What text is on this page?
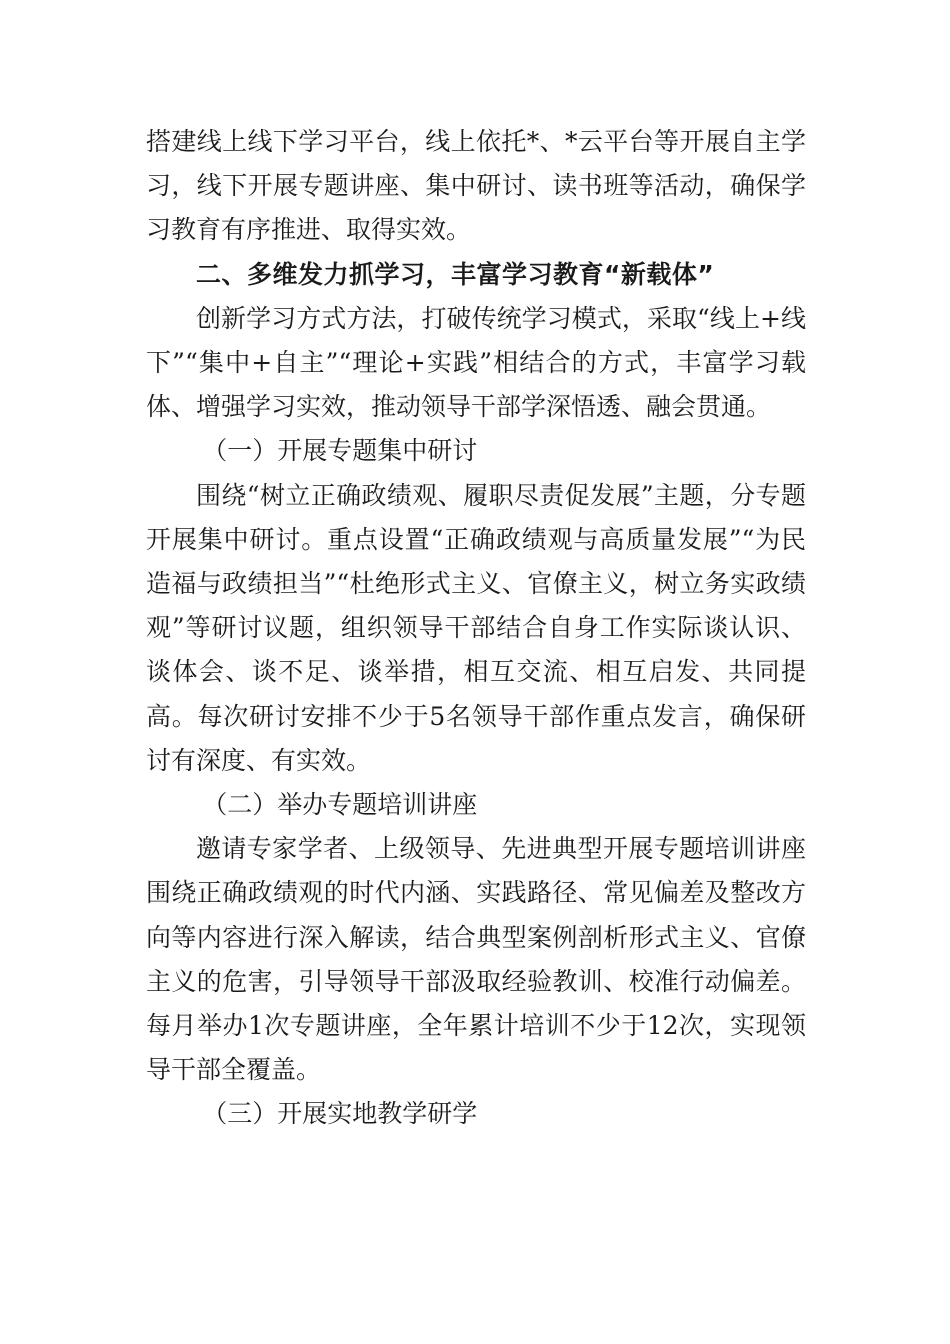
搭建线上线下学习平台，线上依托*、*云平台等开展自主学习，线下开展专题讲座、集中研讨、读书班等活动，确保学习教育有序推进、取得实效。

二、多维发力抓学习，丰富学习教育“新载体”

创新学习方式方法，打破传统学习模式，采取“线上+线下”“集中+自主”“理论+实践”相结合的方式，丰富学习载体、增强学习实效，推动领导干部学深悟透、融会贯通。

（一）开展专题集中研讨

围绕“树立正确政绩观、履职尽责促发展”主题，分专题开展集中研讨。重点设置“正确政绩观与高质量发展”“为民造福与政绩担当”“杜绝形式主义、官僚主义，树立务实政绩观”等研讨议题，组织领导干部结合自身工作实际谈认识、谈体会、谈不足、谈举措，相互交流、相互启发、共同提高。每次研讨安排不少于5名领导干部作重点发言，确保研讨有深度、有实效。

（二）举办专题培训讲座

邀请专家学者、上级领导、先进典型开展专题培训讲座围绕正确政绩观的时代内涵、实践路径、常见偏差及整改方向等内容进行深入解读，结合典型案例剖析形式主义、官僚主义的危害，引导领导干部汲取经验教训、校准行动偏差。每月举办1次专题讲座，全年累计培训不少于12次，实现领导干部全覆盖。

（三）开展实地教学研学
